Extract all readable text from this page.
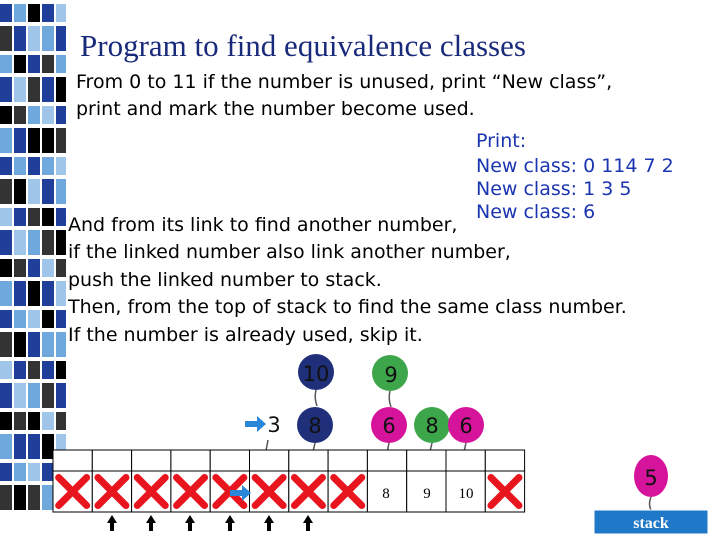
Program to find equivalence classes
From 0 to 11 if the number is unused, print “New class”,
print and mark the number become used.
Print:
New class: 0 114 7 2
New class: 1 3 5
New class: 6
And from its link to find another number,
if the linked number also link another number,
push the linked number to stack.
Then, from the top of stack to find the same class number.
If the number is already used, skip it.
10	9
3 8	6 8 6
8 9 10
5
stack
